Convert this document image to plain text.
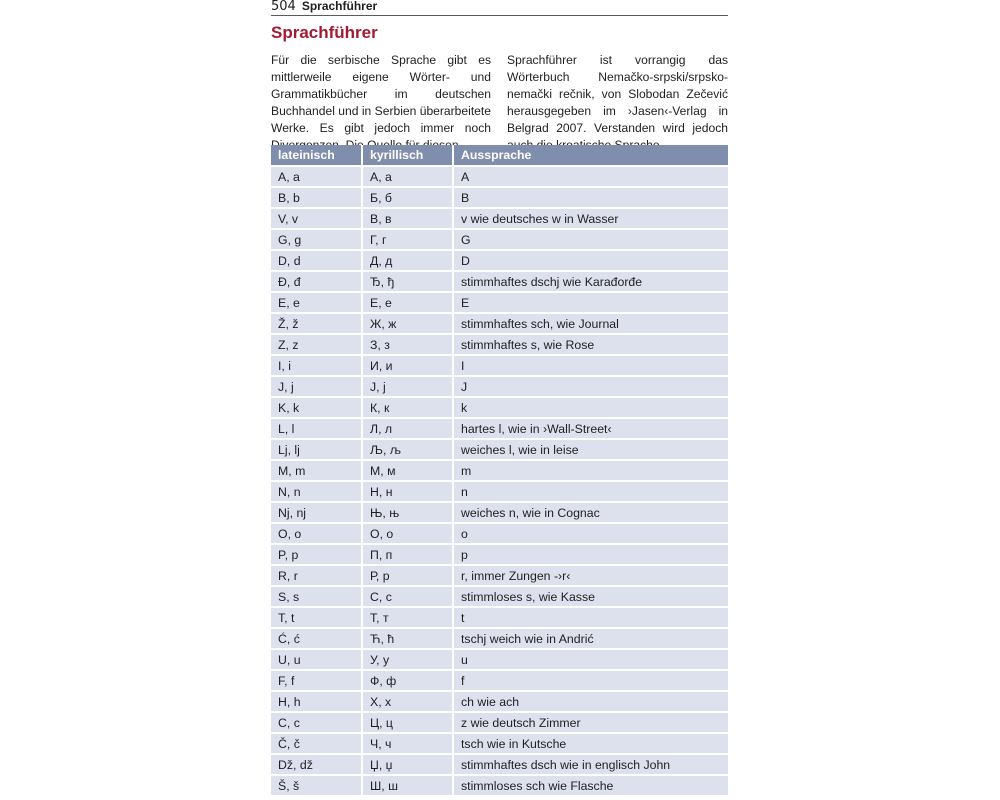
504 Sprachführer
Sprachführer
Für die serbische Sprache gibt es mittlerweile eigene Wörter- und Grammatikbücher im deutschen Buchhandel und in Serbien überarbeitete Werke. Es gibt jedoch immer noch
Sprachführer ist vorrangig das Wörterbuch Nemačko-srpski/srpsko-nemački rečnik, von Slobodan Zečević herausgegeben im ›Jasen‹-Verlag in Belgrad 2007. Verstanden wird jedoch
lateinisch	kyrillisch	Aussprache
A, a	А, а	A
B, b	Б, б	B
V, v	В, в	v wie deutsches w in Wasser
G, g	Г, г	G
D, d	Д, д	D
Đ, đ	Ђ, ђ	stimmhaftes dschj wie Karađorđe
E, e	Е, е	E
Ž, ž	Ж, ж	stimmhaftes sch, wie Journal
Z, z	З, з	stimmhaftes s, wie Rose
I, i	И, и	I
J, j	Ј, ј	J
K, k	К, к	k
L, l	Л, л	hartes l, wie in ›Wall-Street‹
Lj, lj	Љ, љ	weiches l, wie in leise
M, m	М, м	m
N, n	Н, н	n
Nj, nj	Њ, њ	weiches n, wie in Cognac
O, o	О, о	o
P, p	П, п	p
R, r	Р, р	r, immer Zungen -›r‹
S, s	С, с	stimmloses s, wie Kasse
T, t	Т, т	t
Ć, ć	Ћ, ћ	tschj weich wie in Andrić
U, u	У, у	u
F, f	Ф, ф	f
H, h	Х, х	ch wie ach
C, c	Ц, ц	z wie deutsch Zimmer
Č, č	Ч, ч	tsch wie in Kutsche
Dž, dž	Џ, џ	stimmhaftes dsch wie in englisch John
Š, š	Ш, ш	stimmloses sch wie Flasche
